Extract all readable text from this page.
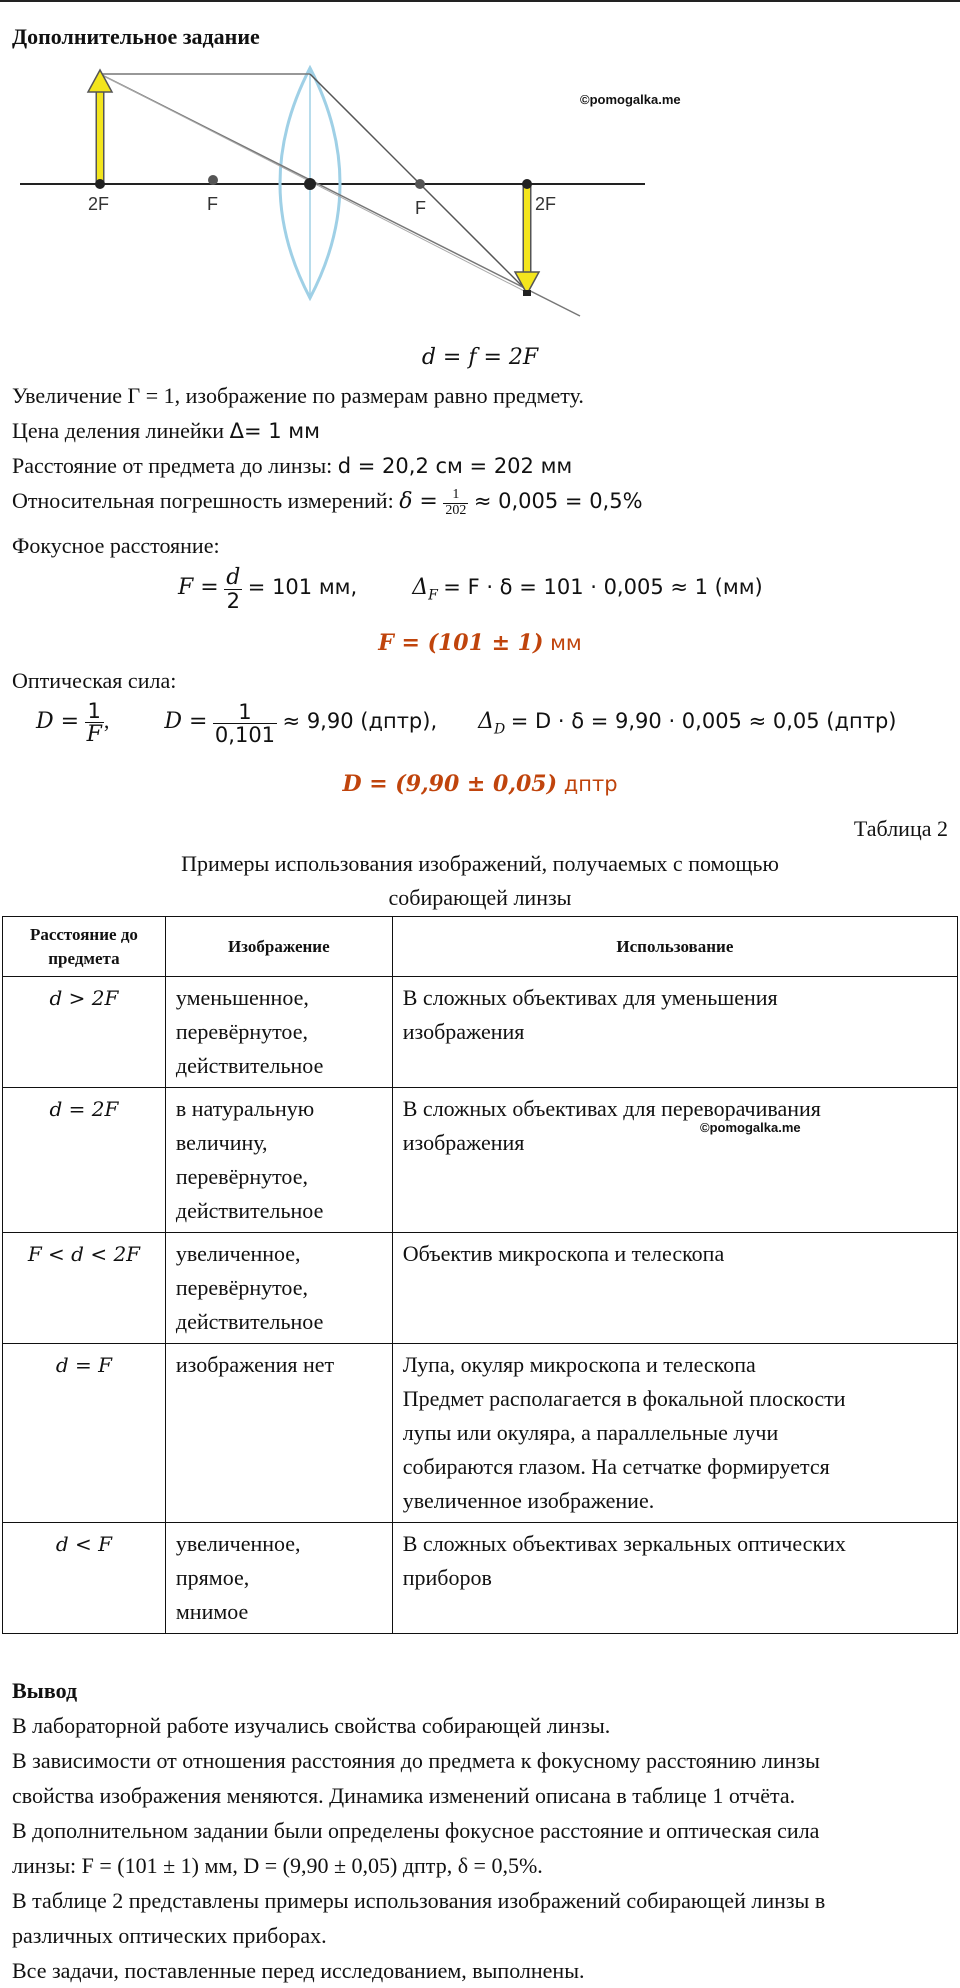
Дополнительное задание
2F	F	F	2F
©pomogalka.me
d = f = 2F
Увеличение Γ = 1, изображение по размерам равно предмету.
Цена деления линейки Δ= 1 мм
Расстояние от предмета до линзы: d = 20,2 см = 202 мм
Относительная погрешность измерений: $\delta = \frac{1}{202} \approx 0,005 = 0,5\%$
Фокусное расстояние:
$F = \frac{d}{2} = 101$ мм,	$\Delta_F = F \cdot \delta = 101 \cdot 0,005 \approx 1$ (мм)
F = (101 ± 1) мм
Оптическая сила:
$D = \frac{1}{F}$ ,	$D = \frac{1}{0,101} \approx 9,90$ (дптр), $\Delta_D = D \cdot \delta = 9,90 \cdot 0,005 \approx 0,05$ (дптр)
D = (9,90 ± 0,05) дптр
Таблица 2
Примеры использования изображений, получаемых с помощью
собирающей линзы
Расстояние до предмета	Изображение	Использование
d > 2F	уменьшенное,
перевёрнутое,
действительное	В сложных объективах для уменьшения
изображения
d = 2F	в натуральную
величину,
перевёрнутое,
действительное	В сложных объективах для переворачивания
изображения
F < d < 2F	увеличенное,
перевёрнутое,
действительное	Объектив микроскопа и телескопа
d = F	изображения нет	Лупа, окуляр микроскопа и телескопа
Предмет располагается в фокальной плоскости
лупы или окуляра, а параллельные лучи
собираются глазом. На сетчатке формируется
увеличенное изображение.
d < F	увеличенное,
прямое,
мнимое	В сложных объективах зеркальных оптических
приборов
©pomogalka.me
Вывод
В лабораторной работе изучались свойства собирающей линзы.
В зависимости от отношения расстояния до предмета к фокусному расстоянию линзы
свойства изображения меняются. Динамика изменений описана в таблице 1 отчёта.
В дополнительном задании были определены фокусное расстояние и оптическая сила
линзы: F = (101 ± 1) мм, D = (9,90 ± 0,05) дптр, δ = 0,5%.
В таблице 2 представлены примеры использования изображений собирающей линзы в
различных оптических приборах.
Все задачи, поставленные перед исследованием, выполнены.
